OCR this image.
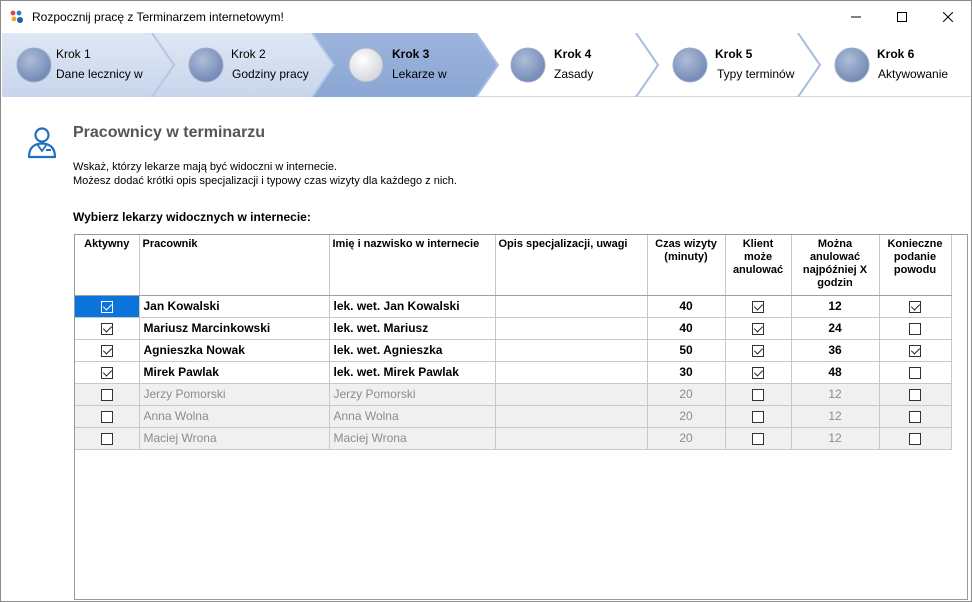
Rozpocznij pracę z Terminarzem internetowym!
Krok 1
Dane lecznicy w
Krok 2
Godziny pracy
Krok 3
Lekarze w
Krok 4
Zasady
Krok 5
Typy terminów
Krok 6
Aktywowanie
Pracownicy w terminarzu
Wskaż, którzy lekarze mają być widoczni w internecie.
Możesz dodać krótki opis specjalizacji i typowy czas wizyty dla każdego z nich.
Wybierz lekarzy widocznych w internecie:
Aktywny	Pracownik	Imię i nazwisko w internecie	Opis specjalizacji, uwagi	Czas wizyty (minuty)	Klient może anulować	Można anulować najpóźniej X godzin	Konieczne podanie powodu
	Jan Kowalski	lek. wet. Jan Kowalski		40		12	
	Mariusz Marcinkowski	lek. wet. Mariusz		40		24	
	Agnieszka Nowak	lek. wet. Agnieszka		50		36	
	Mirek Pawlak	lek. wet. Mirek Pawlak		30		48	
	Jerzy Pomorski	Jerzy Pomorski		20		12	
	Anna Wolna	Anna Wolna		20		12	
	Maciej Wrona	Maciej Wrona		20		12	
